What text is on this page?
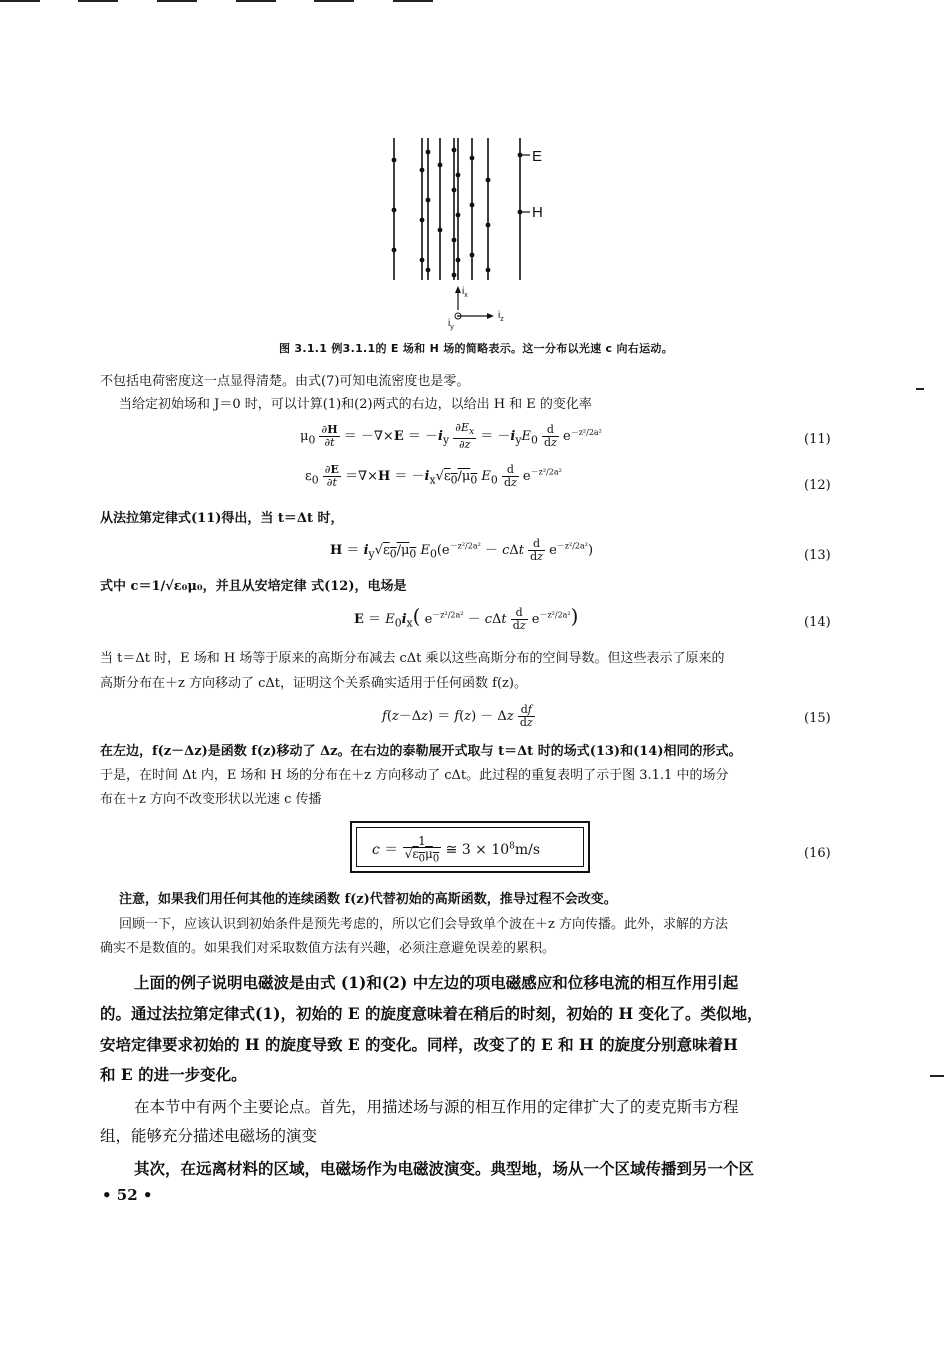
E
H
$i_x$
$i_z$
$i_y$
图 3.1.1 例3.1.1的 E 场和 H 场的简略表示。这一分布以光速 c 向右运动。
不包括电荷密度这一点显得清楚。由式(7)可知电流密度也是零。
当给定初始场和 J＝0 时，可以计算(1)和(2)两式的右边，以给出 H 和 E 的变化率
$\mu_0 \frac{\partial H}{\partial t} = -\nabla\times E = -i_y \frac{\partial E_x}{\partial z} = -i_yE_0 \frac{d}{dz} e^{-z^2/2a^2}$	(11)
$\varepsilon_0 \frac{\partial E}{\partial t} =\nabla\times H = -i_x√\varepsilon_0/\mu_0$ $E_0 \frac{d}{dz} e^{-z^2/2a^2}$
(12)
从法拉第定律式(11)得出，当 t＝Δt 时，
$H = i_y√\varepsilon_0/\mu_0$ $E_0(e^{-z^2/2a^2} - c\Delta t \frac{d}{dz} e^{-z^2/2a^2})$	(13)
式中 c＝1/√ε₀μ₀，并且从安培定律 式(12)，电场是
$E = E_0i_x$( $e^{-z^2/2a^2} - c\Delta t \frac{d}{dz} e^{-z^2/2a^2}$)	(14)
当 t＝Δt 时，E 场和 H 场等于原来的高斯分布减去 cΔt 乘以这些高斯分布的空间导数。但这些表示了原来的
高斯分布在＋z 方向移动了 cΔt，证明这个关系确实适用于任何函数 f(z)。
f(z－Δz) ＝ f(z) － Δz $\frac{df}{dz}$	(15)
在左边，f(z－Δz)是函数 f(z)移动了 Δz。在右边的泰勒展开式取与 t＝Δt 时的场式(13)和(14)相同的形式。
于是，在时间 Δt 内，E 场和 H 场的分布在＋z 方向移动了 cΔt。此过程的重复表明了示于图 3.1.1 中的场分
布在＋z 方向不改变形状以光速 c 传播
$c = \frac{1}{√\varepsilon_0\mu_0}$ ≅ $3 \times 10^8m/s$	(16)
注意，如果我们用任何其他的连续函数 f(z)代替初始的高斯函数，推导过程不会改变。
回顾一下，应该认识到初始条件是预先考虑的，所以它们会导致单个波在＋z 方向传播。此外，求解的方法
确实不是数值的。如果我们对采取数值方法有兴趣，必须注意避免误差的累积。
上面的例子说明电磁波是由式 (1)和(2) 中左边的项电磁感应和位移电流的相互作用引起
的。通过法拉第定律式(1)，初始的 E 的旋度意味着在稍后的时刻，初始的 H 变化了。类似地，
安培定律要求初始的 H 的旋度导致 E 的变化。同样，改变了的 E 和 H 的旋度分别意味着H
和 E 的进一步变化。
在本节中有两个主要论点。首先，用描述场与源的相互作用的定律扩大了的麦克斯韦方程
组，能够充分描述电磁场的演变
其次，在远离材料的区域，电磁场作为电磁波演变。典型地，场从一个区域传播到另一个区
• 52 •
